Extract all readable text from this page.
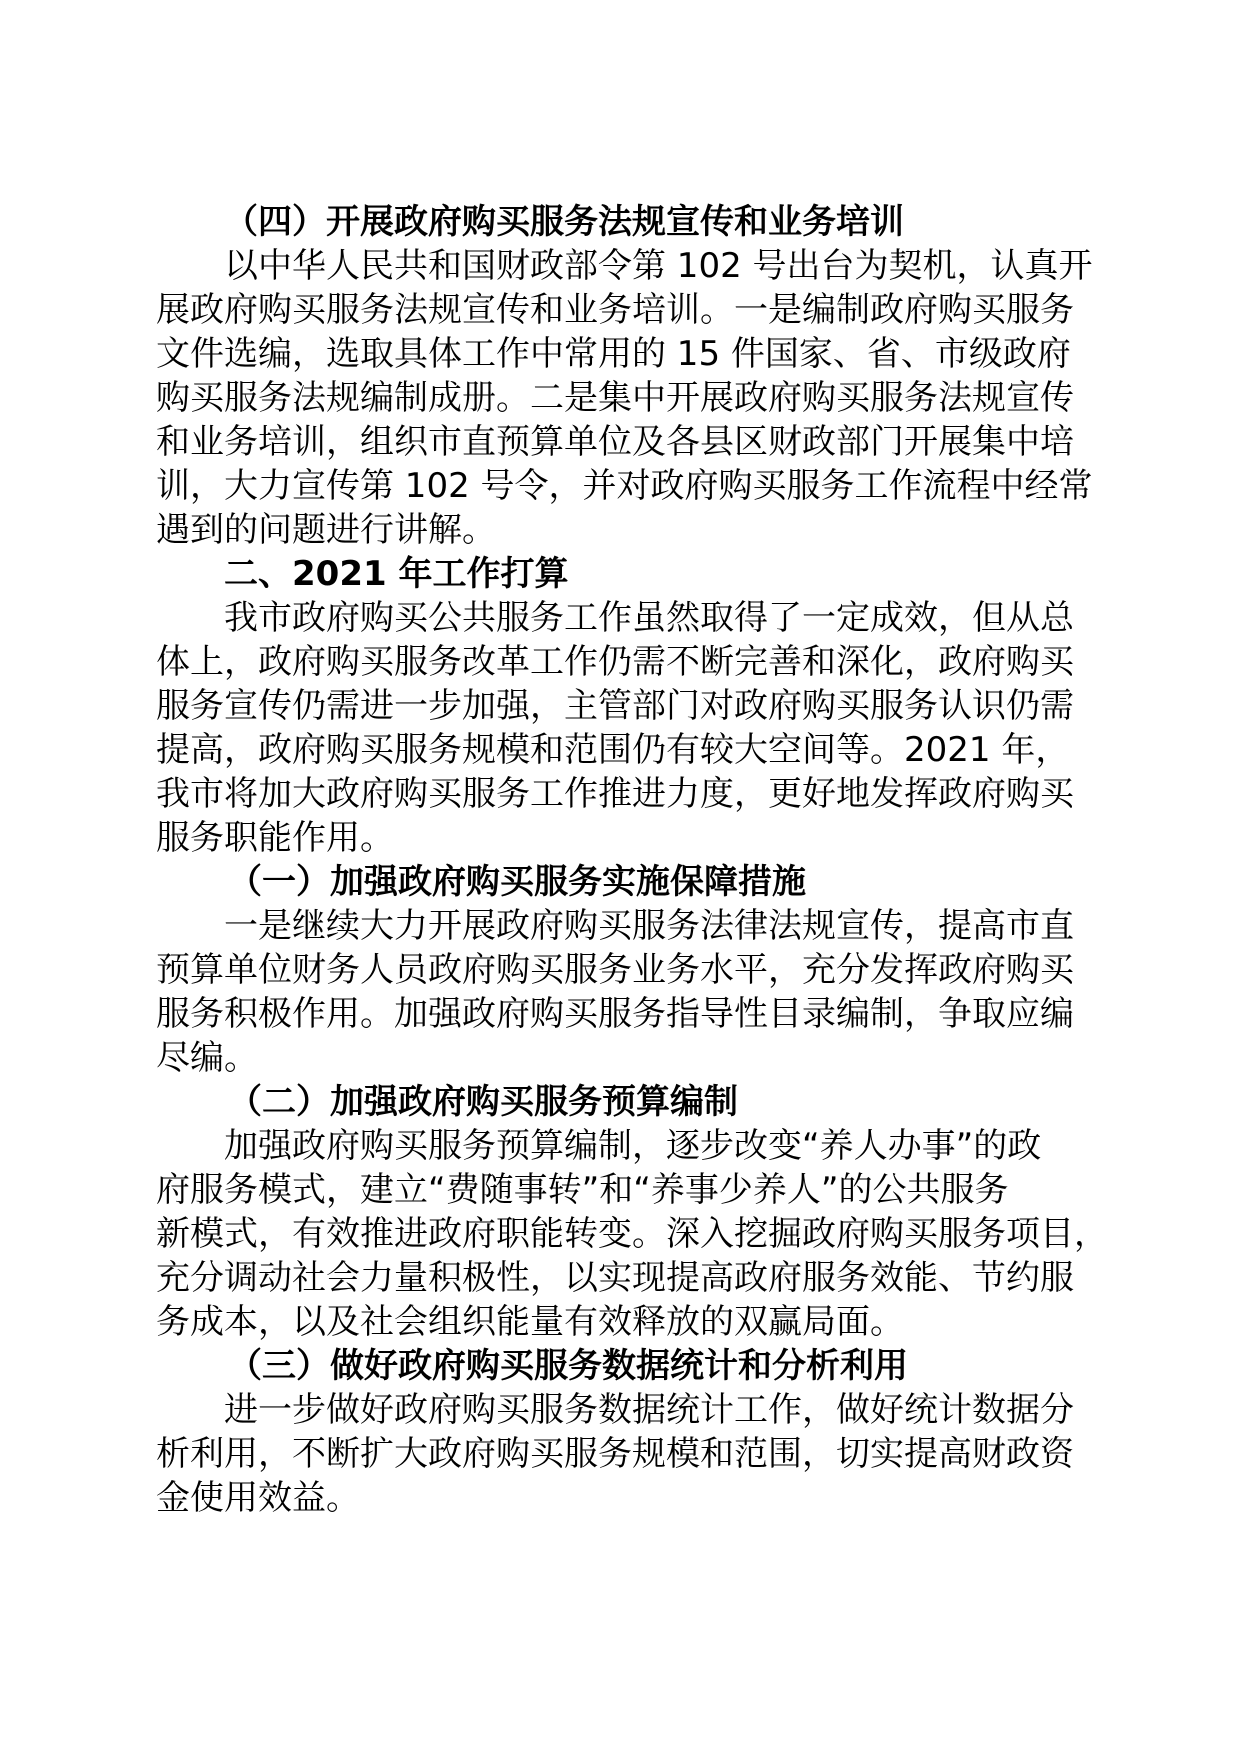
（四）开展政府购买服务法规宣传和业务培训
以中华人民共和国财政部令第 102 号出台为契机，认真开
展政府购买服务法规宣传和业务培训。一是编制政府购买服务
文件选编，选取具体工作中常用的 15 件国家、省、市级政府
购买服务法规编制成册。二是集中开展政府购买服务法规宣传
和业务培训，组织市直预算单位及各县区财政部门开展集中培
训，大力宣传第 102 号令，并对政府购买服务工作流程中经常
遇到的问题进行讲解。
二、2021 年工作打算
我市政府购买公共服务工作虽然取得了一定成效，但从总
体上，政府购买服务改革工作仍需不断完善和深化，政府购买
服务宣传仍需进一步加强，主管部门对政府购买服务认识仍需
提高，政府购买服务规模和范围仍有较大空间等。2021 年，
我市将加大政府购买服务工作推进力度，更好地发挥政府购买
服务职能作用。
（一）加强政府购买服务实施保障措施
一是继续大力开展政府购买服务法律法规宣传，提高市直
预算单位财务人员政府购买服务业务水平，充分发挥政府购买
服务积极作用。加强政府购买服务指导性目录编制，争取应编
尽编。
（二）加强政府购买服务预算编制
加强政府购买服务预算编制，逐步改变“养人办事”的政
府服务模式，建立“费随事转”和“养事少养人”的公共服务
新模式，有效推进政府职能转变。深入挖掘政府购买服务项目，
充分调动社会力量积极性，以实现提高政府服务效能、节约服
务成本，以及社会组织能量有效释放的双赢局面。
（三）做好政府购买服务数据统计和分析利用
进一步做好政府购买服务数据统计工作，做好统计数据分
析利用，不断扩大政府购买服务规模和范围，切实提高财政资
金使用效益。
